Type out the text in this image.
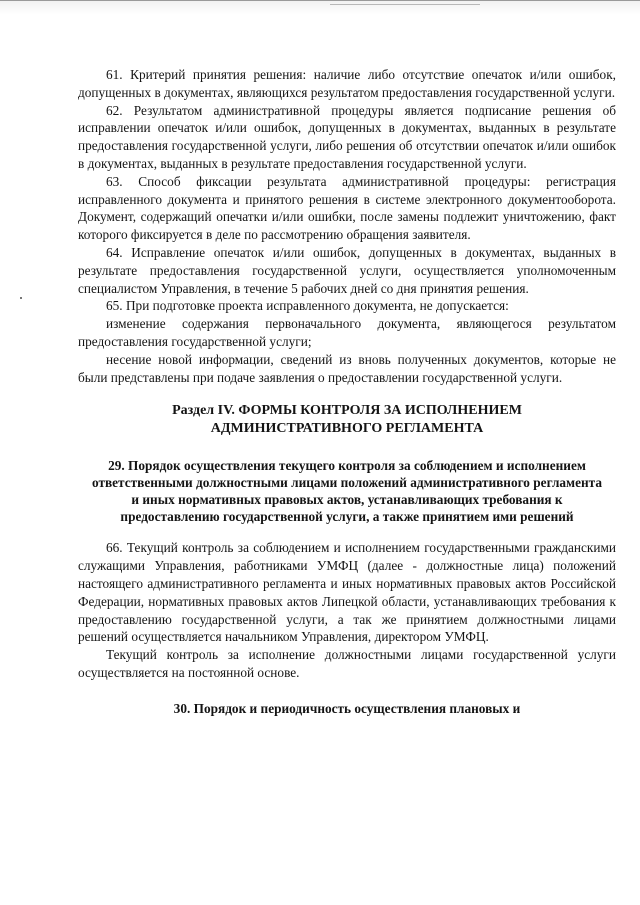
61. Критерий принятия решения: наличие либо отсутствие опечаток и/или ошибок, допущенных в документах, являющихся результатом предоставления государственной услуги.

62. Результатом административной процедуры является подписание решения об исправлении опечаток и/или ошибок, допущенных в документах, выданных в результате предоставления государственной услуги, либо решения об отсутствии опечаток и/или ошибок в документах, выданных в результате предоставления государственной услуги.

63. Способ фиксации результата административной процедуры: регистрация исправленного документа и принятого решения в системе электронного документооборота. Документ, содержащий опечатки и/или ошибки, после замены подлежит уничтожению, факт которого фиксируется в деле по рассмотрению обращения заявителя.

64. Исправление опечаток и/или ошибок, допущенных в документах, выданных в результате предоставления государственной услуги, осуществляется уполномоченным специалистом Управления, в течение 5 рабочих дней со дня принятия решения.

65. При подготовке проекта исправленного документа, не допускается:

изменение содержания первоначального документа, являющегося результатом предоставления государственной услуги;

несение новой информации, сведений из вновь полученных документов, которые не были представлены при подаче заявления о предоставлении государственной услуги.

Раздел IV. ФОРМЫ КОНТРОЛЯ ЗА ИСПОЛНЕНИЕМ
АДМИНИСТРАТИВНОГО РЕГЛАМЕНТА
29. Порядок осуществления текущего контроля за соблюдением и исполнением ответственными должностными лицами положений административного регламента и иных нормативных правовых актов, устанавливающих требования к предоставлению государственной услуги, а также принятием ими решений

66. Текущий контроль за соблюдением и исполнением государственными гражданскими служащими Управления, работниками УМФЦ (далее - должностные лица) положений настоящего административного регламента и иных нормативных правовых актов Российской Федерации, нормативных правовых актов Липецкой области, устанавливающих требования к предоставлению государственной услуги, а так же принятием должностными лицами решений осуществляется начальником Управления, директором УМФЦ.

Текущий контроль за исполнение должностными лицами государственной услуги осуществляется на постоянной основе.

30. Порядок и периодичность осуществления плановых и
